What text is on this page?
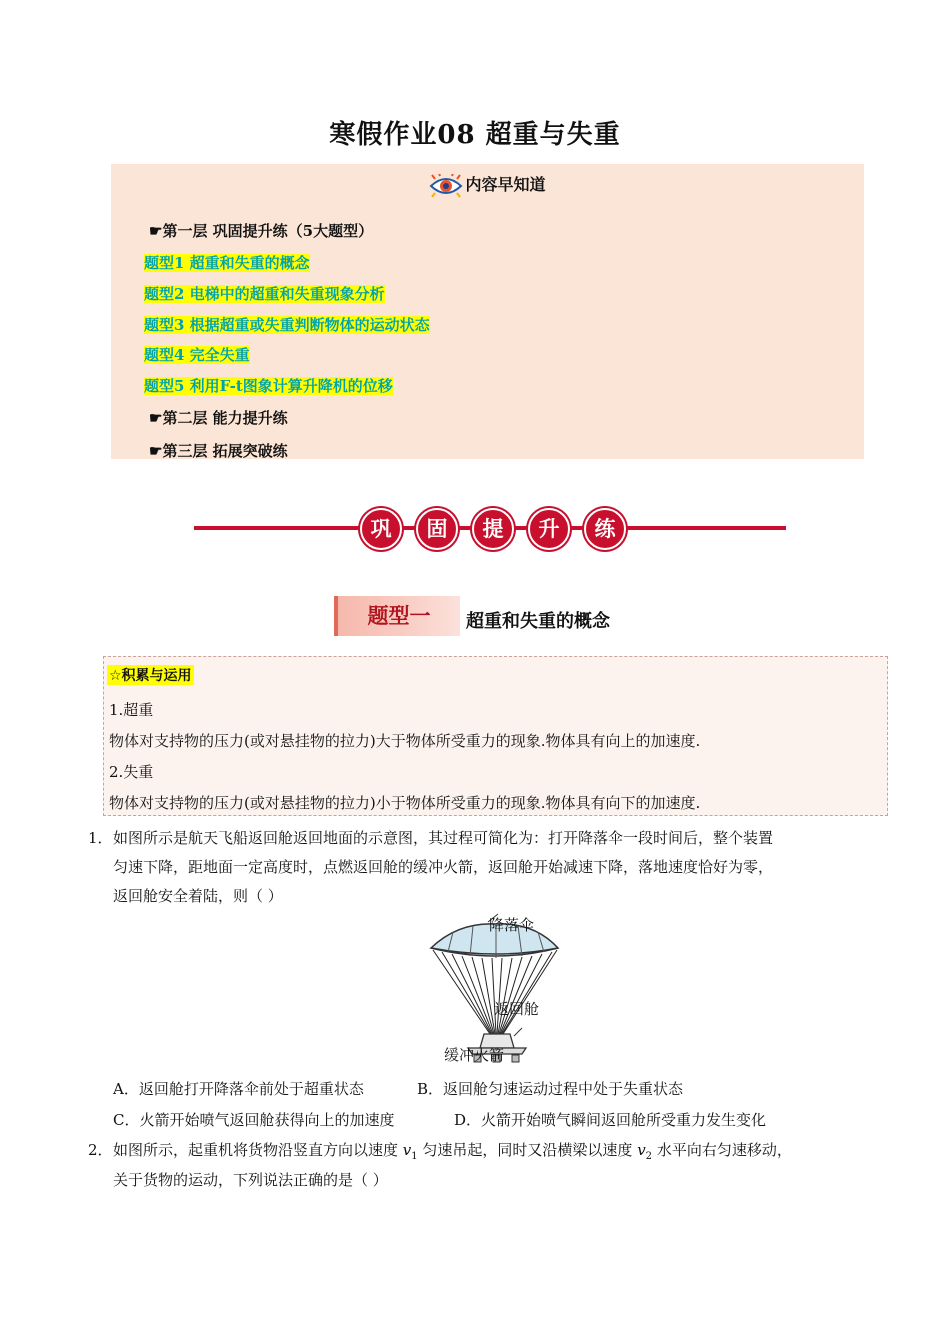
寒假作业08 超重与失重
内容早知道
☛第一层 巩固提升练（5大题型）
题型1 超重和失重的概念
题型2 电梯中的超重和失重现象分析
题型3 根据超重或失重判断物体的运动状态
题型4 完全失重
题型5 利用F-t图象计算升降机的位移
☛第二层 能力提升练
☛第三层 拓展突破练
巩	固	提	升	练
题型一	超重和失重的概念
☆积累与运用
1.超重
物体对支持物的压力(或对悬挂物的拉力)大于物体所受重力的现象.物体具有向上的加速度.
2.失重
物体对支持物的压力(或对悬挂物的拉力)小于物体所受重力的现象.物体具有向下的加速度.
1． 如图所示是航天飞船返回舱返回地面的示意图，其过程可简化为：打开降落伞一段时间后，整个装置
匀速下降，距地面一定高度时，点燃返回舱的缓冲火箭，返回舱开始减速下降，落地速度恰好为零，
返回舱安全着陆，则（ ）
降落伞
返回舱
缓冲火箭
A．返回舱打开降落伞前处于超重状态	B．返回舱匀速运动过程中处于失重状态
C．火箭开始喷气返回舱获得向上的加速度	D．火箭开始喷气瞬间返回舱所受重力发生变化
2． 如图所示，起重机将货物沿竖直方向以速度 $v_1$ 匀速吊起，同时又沿横梁以速度 $v_2$ 水平向右匀速移动，
关于货物的运动，下列说法正确的是（ ）
